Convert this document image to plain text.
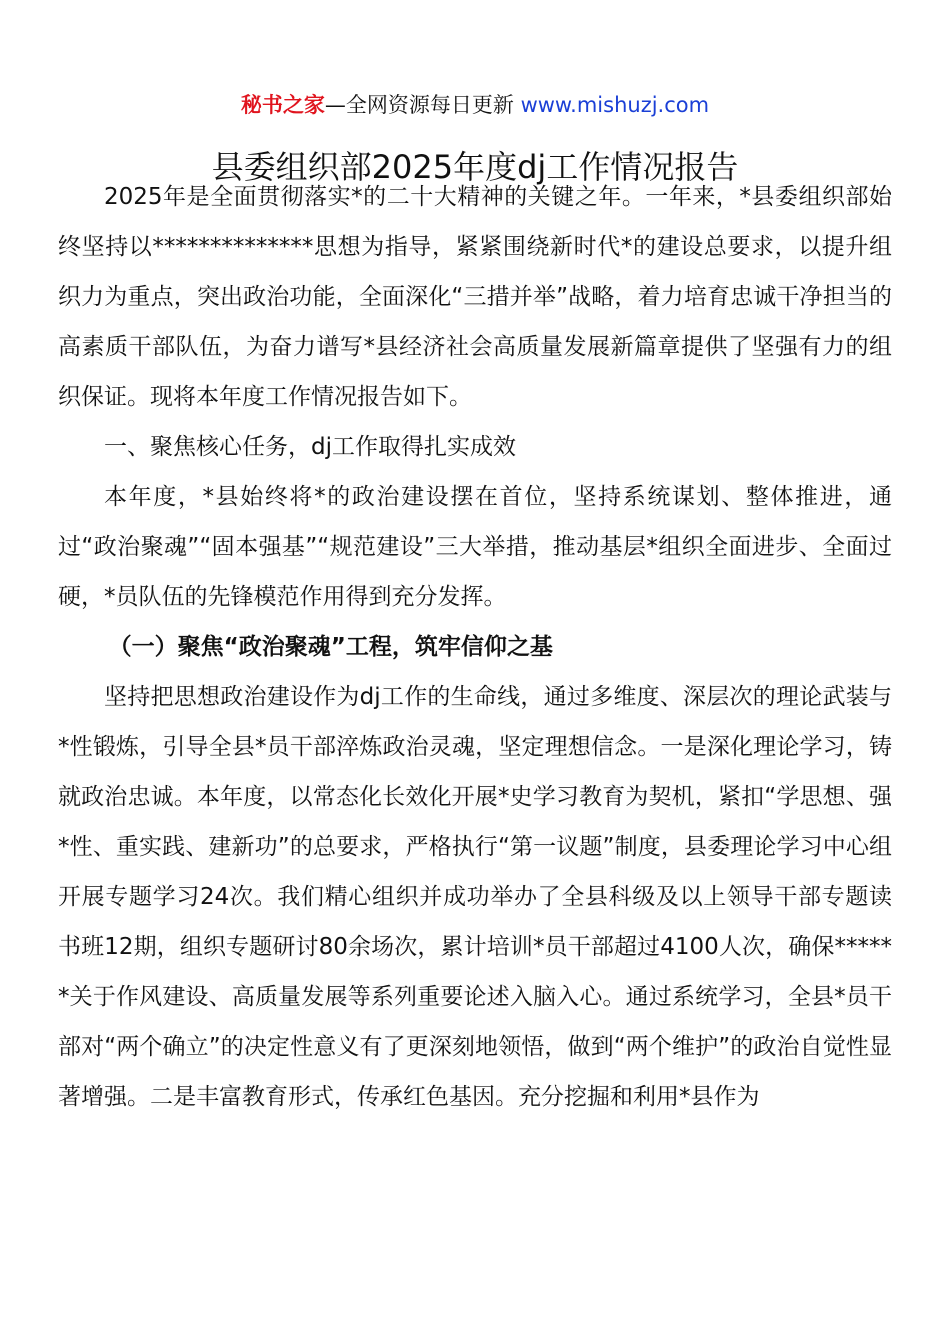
秘书之家—全网资源每日更新 www.mishuzj.com
县委组织部2025年度dj工作情况报告

2025年是全面贯彻落实*的二十大精神的关键之年。一年来，*县委组织部始终坚持以**************思想为指导，紧紧围绕新时代*的建设总要求，以提升组织力为重点，突出政治功能，全面深化“三措并举”战略，着力培育忠诚干净担当的高素质干部队伍，为奋力谱写*县经济社会高质量发展新篇章提供了坚强有力的组织保证。现将本年度工作情况报告如下。

一、聚焦核心任务，dj工作取得扎实成效

本年度，*县始终将*的政治建设摆在首位，坚持系统谋划、整体推进，通过“政治聚魂”“固本强基”“规范建设”三大举措，推动基层*组织全面进步、全面过硬，*员队伍的先锋模范作用得到充分发挥。

（一）聚焦“政治聚魂”工程，筑牢信仰之基

坚持把思想政治建设作为dj工作的生命线，通过多维度、深层次的理论武装与*性锻炼，引导全县*员干部淬炼政治灵魂，坚定理想信念。一是深化理论学习，铸就政治忠诚。本年度，以常态化长效化开展*史学习教育为契机，紧扣“学思想、强*性、重实践、建新功”的总要求，严格执行“第一议题”制度，县委理论学习中心组开展专题学习24次。我们精心组织并成功举办了全县科级及以上领导干部专题读书班12期，组织专题研讨80余场次，累计培训*员干部超过4100人次，确保******关于作风建设、高质量发展等系列重要论述入脑入心。通过系统学习，全县*员干部对“两个确立”的决定性意义有了更深刻地领悟，做到“两个维护”的政治自觉性显著增强。二是丰富教育形式，传承红色基因。充分挖掘和利用*县作为
